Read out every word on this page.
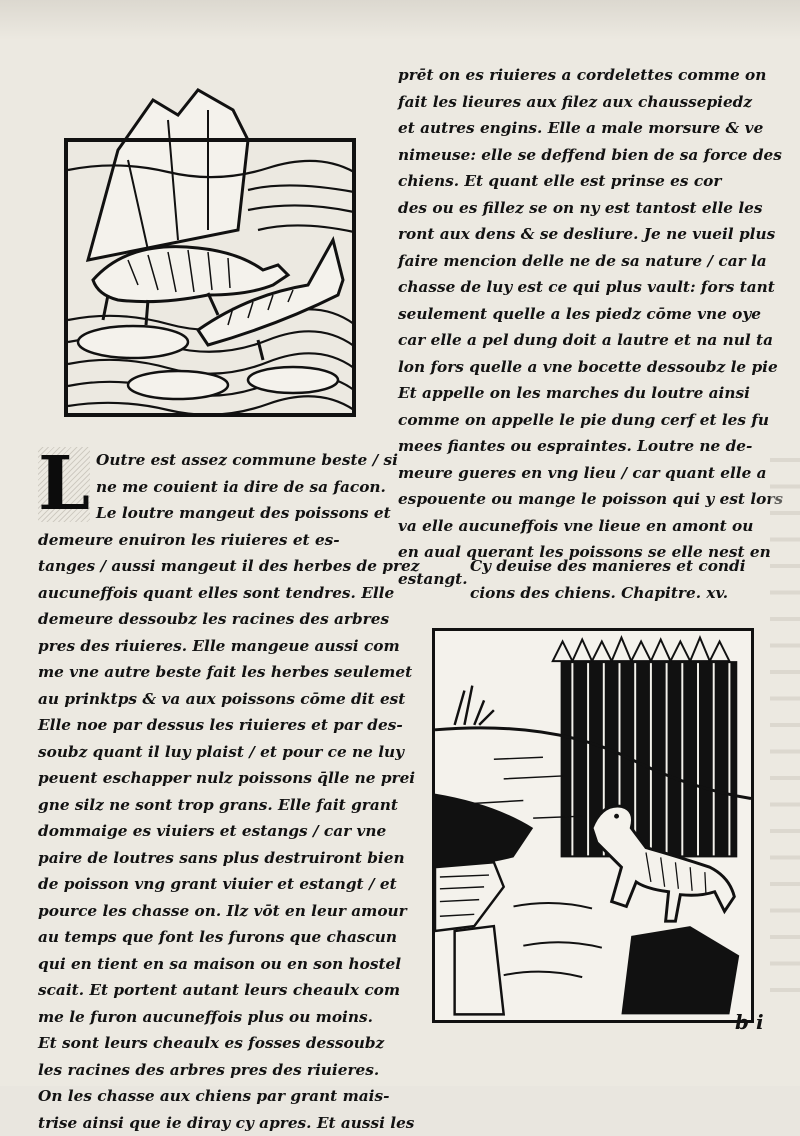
L Outre est assez commune beste / si
ne me couient ia dire de sa facon.
Le loutre mangeut des poissons et
demeure enuiron les riuieres et es-
tanges / aussi mangeut il des herbes de prez
aucuneffois quant elles sont tendres. Elle
demeure dessoubz les racines des arbres
pres des riuieres. Elle mangeue aussi com
me vne autre beste fait les herbes seulemet
au prinktps & va aux poissons cōme dit est
Elle noe par dessus les riuieres et par des-
soubz quant il luy plaist / et pour ce ne luy
peuent eschapper nulz poissons q̄lle ne prei
gne silz ne sont trop grans. Elle fait grant
dommaige es viuiers et estangs / car vne
paire de loutres sans plus destruiront bien
de poisson vng grant viuier et estangt / et
pource les chasse on. Ilz vōt en leur amour
au temps que font les furons que chascun
qui en tient en sa maison ou en son hostel
scait. Et portent autant leurs cheaulx com
me le furon aucuneffois plus ou moins.
Et sont leurs cheaulx es fosses dessoubz
les racines des arbres pres des riuieres.
On les chasse aux chiens par grant mais-
trise ainsi que ie diray cy apres. Et aussi les
prēt on es riuieres a cordelettes comme on
fait les lieures aux filez aux chaussepiedz
et autres engins. Elle a male morsure & ve
nimeuse: elle se deffend bien de sa force des
chiens. Et quant elle est prinse es cor
des ou es fillez se on ny est tantost elle les
ront aux dens & se desliure. Je ne vueil plus
faire mencion delle ne de sa nature / car la
chasse de luy est ce qui plus vault: fors tant
seulement quelle a les piedz cōme vne oye
car elle a pel dung doit a lautre et na nul ta
lon fors quelle a vne bocette dessoubz le pie
Et appelle on les marches du loutre ainsi
comme on appelle le pie dung cerf et les fu
mees fiantes ou espraintes. Loutre ne de-
meure gueres en vng lieu / car quant elle a
espouente ou mange le poisson qui y est lors
va elle aucuneffois vne lieue en amont ou
en aual querant les poissons se elle nest en
estangt.
Cy deuise des manieres et condi
cions des chiens. Chapitre. xv.
b i
